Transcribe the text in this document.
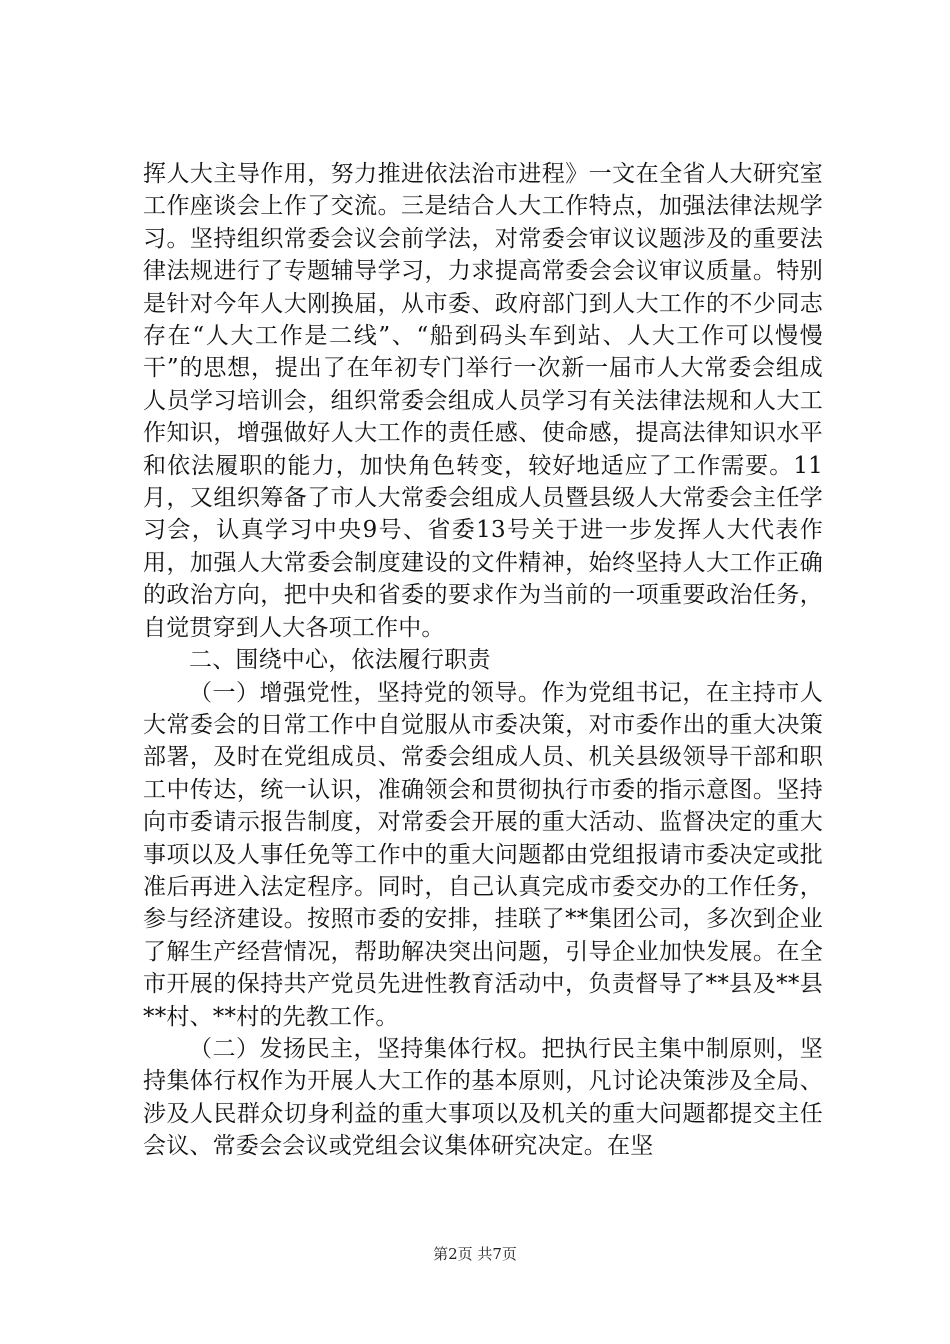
挥人大主导作用，努力推进依法治市进程》一文在全省人大研究室工作座谈会上作了交流。三是结合人大工作特点，加强法律法规学习。坚持组织常委会议会前学法，对常委会审议议题涉及的重要法律法规进行了专题辅导学习，力求提高常委会会议审议质量。特别是针对今年人大刚换届，从市委、政府部门到人大工作的不少同志存在“人大工作是二线”、“船到码头车到站、人大工作可以慢慢干”的思想，提出了在年初专门举行一次新一届市人大常委会组成人员学习培训会，组织常委会组成人员学习有关法律法规和人大工作知识，增强做好人大工作的责任感、使命感，提高法律知识水平和依法履职的能力，加快角色转变，较好地适应了工作需要。11月，又组织筹备了市人大常委会组成人员暨县级人大常委会主任学习会，认真学习中央9号、省委13号关于进一步发挥人大代表作用，加强人大常委会制度建设的文件精神，始终坚持人大工作正确的政治方向，把中央和省委的要求作为当前的一项重要政治任务，自觉贯穿到人大各项工作中。

二、围绕中心，依法履行职责

（一）增强党性，坚持党的领导。作为党组书记，在主持市人大常委会的日常工作中自觉服从市委决策，对市委作出的重大决策部署，及时在党组成员、常委会组成人员、机关县级领导干部和职工中传达，统一认识，准确领会和贯彻执行市委的指示意图。坚持向市委请示报告制度，对常委会开展的重大活动、监督决定的重大事项以及人事任免等工作中的重大问题都由党组报请市委决定或批准后再进入法定程序。同时，自己认真完成市委交办的工作任务，参与经济建设。按照市委的安排，挂联了**集团公司，多次到企业了解生产经营情况，帮助解决突出问题，引导企业加快发展。在全市开展的保持共产党员先进性教育活动中，负责督导了**县及**县**村、**村的先教工作。

（二）发扬民主，坚持集体行权。把执行民主集中制原则，坚持集体行权作为开展人大工作的基本原则，凡讨论决策涉及全局、涉及人民群众切身利益的重大事项以及机关的重大问题都提交主任会议、常委会会议或党组会议集体研究决定。在坚

第2页 共7页
